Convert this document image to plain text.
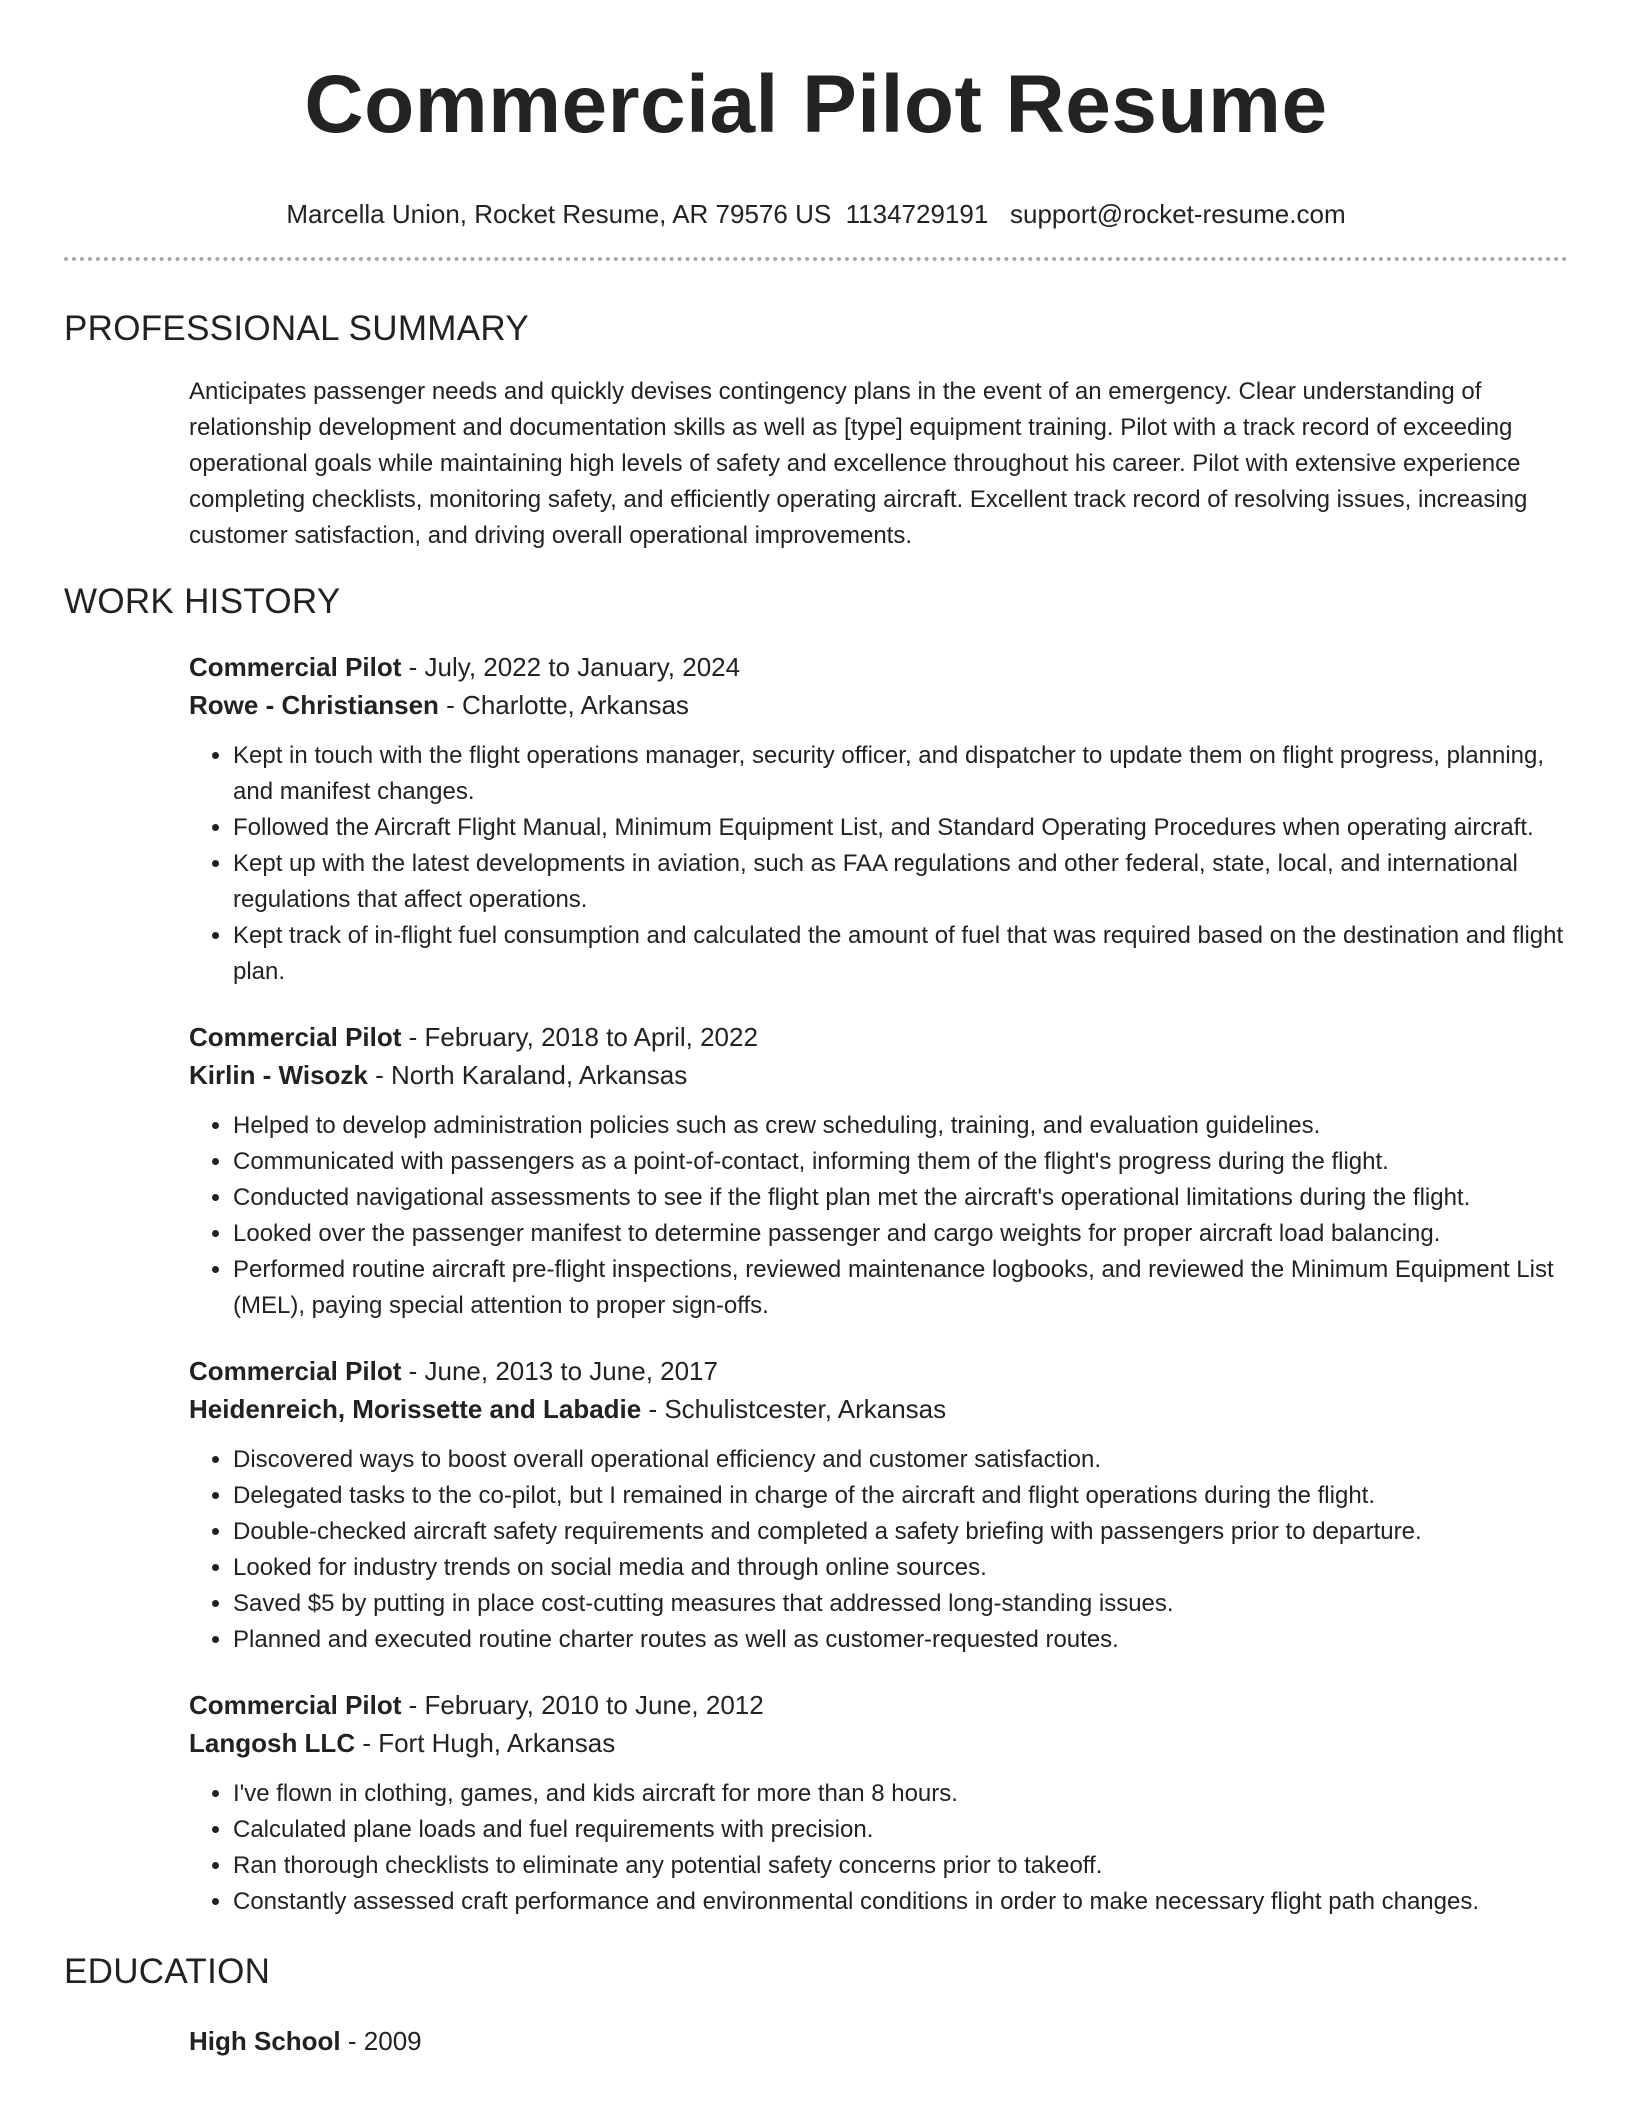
Commercial Pilot Resume
Marcella Union, Rocket Resume, AR 79576 US 1134729191 support@rocket-resume.com
PROFESSIONAL SUMMARY
Anticipates passenger needs and quickly devises contingency plans in the event of an emergency. Clear understanding of relationship development and documentation skills as well as [type] equipment training. Pilot with a track record of exceeding operational goals while maintaining high levels of safety and excellence throughout his career. Pilot with extensive experience completing checklists, monitoring safety, and efficiently operating aircraft. Excellent track record of resolving issues, increasing customer satisfaction, and driving overall operational improvements.
WORK HISTORY
Commercial Pilot - July, 2022 to January, 2024
Rowe - Christiansen - Charlotte, Arkansas
• Kept in touch with the flight operations manager, security officer, and dispatcher to update them on flight progress, planning, and manifest changes.
• Followed the Aircraft Flight Manual, Minimum Equipment List, and Standard Operating Procedures when operating aircraft.
• Kept up with the latest developments in aviation, such as FAA regulations and other federal, state, local, and international regulations that affect operations.
• Kept track of in-flight fuel consumption and calculated the amount of fuel that was required based on the destination and flight plan.
Commercial Pilot - February, 2018 to April, 2022
Kirlin - Wisozk - North Karaland, Arkansas
• Helped to develop administration policies such as crew scheduling, training, and evaluation guidelines.
• Communicated with passengers as a point-of-contact, informing them of the flight's progress during the flight.
• Conducted navigational assessments to see if the flight plan met the aircraft's operational limitations during the flight.
• Looked over the passenger manifest to determine passenger and cargo weights for proper aircraft load balancing.
• Performed routine aircraft pre-flight inspections, reviewed maintenance logbooks, and reviewed the Minimum Equipment List (MEL), paying special attention to proper sign-offs.
Commercial Pilot - June, 2013 to June, 2017
Heidenreich, Morissette and Labadie - Schulistcester, Arkansas
• Discovered ways to boost overall operational efficiency and customer satisfaction.
• Delegated tasks to the co-pilot, but I remained in charge of the aircraft and flight operations during the flight.
• Double-checked aircraft safety requirements and completed a safety briefing with passengers prior to departure.
• Looked for industry trends on social media and through online sources.
• Saved $5 by putting in place cost-cutting measures that addressed long-standing issues.
• Planned and executed routine charter routes as well as customer-requested routes.
Commercial Pilot - February, 2010 to June, 2012
Langosh LLC - Fort Hugh, Arkansas
• I've flown in clothing, games, and kids aircraft for more than 8 hours.
• Calculated plane loads and fuel requirements with precision.
• Ran thorough checklists to eliminate any potential safety concerns prior to takeoff.
• Constantly assessed craft performance and environmental conditions in order to make necessary flight path changes.
EDUCATION
High School - 2009
